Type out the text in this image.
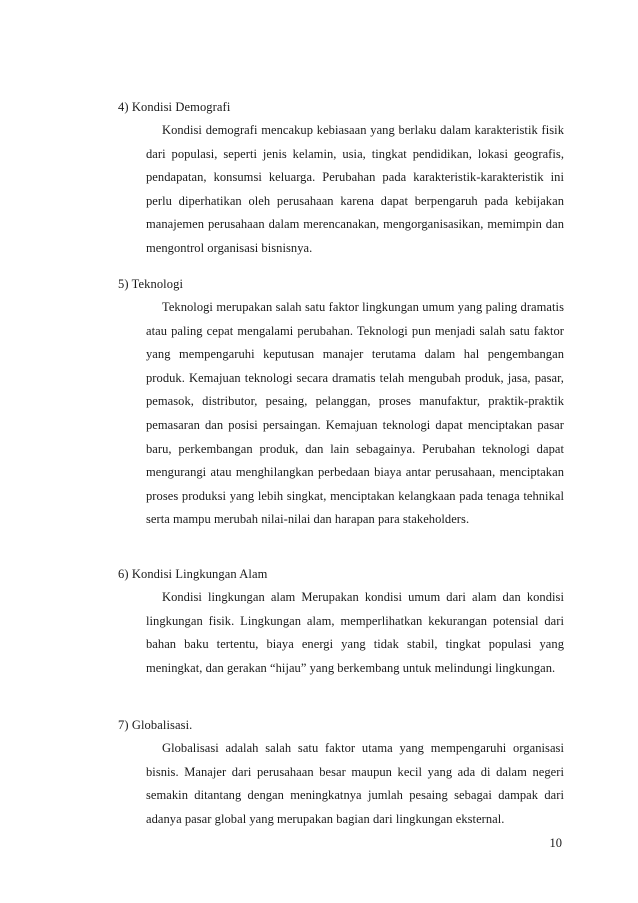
4) Kondisi Demografi

Kondisi demografi mencakup kebiasaan yang berlaku dalam karakteristik fisik dari populasi, seperti jenis kelamin, usia, tingkat pendidikan, lokasi geografis, pendapatan, konsumsi keluarga. Perubahan pada karakteristik-karakteristik ini perlu diperhatikan oleh perusahaan karena dapat berpengaruh pada kebijakan manajemen perusahaan dalam merencanakan, mengorganisasikan, memimpin dan mengontrol organisasi bisnisnya.

5) Teknologi

Teknologi merupakan salah satu faktor lingkungan umum yang paling dramatis atau paling cepat mengalami perubahan. Teknologi pun menjadi salah satu faktor yang mempengaruhi keputusan manajer terutama dalam hal pengembangan produk. Kemajuan teknologi secara dramatis telah mengubah produk, jasa, pasar, pemasok, distributor, pesaing, pelanggan, proses manufaktur, praktik-praktik pemasaran dan posisi persaingan. Kemajuan teknologi dapat menciptakan pasar baru, perkembangan produk, dan lain sebagainya. Perubahan teknologi dapat mengurangi atau menghilangkan perbedaan biaya antar perusahaan, menciptakan proses produksi yang lebih singkat, menciptakan kelangkaan pada tenaga tehnikal serta mampu merubah nilai-nilai dan harapan para stakeholders.

6) Kondisi Lingkungan Alam

Kondisi lingkungan alam Merupakan kondisi umum dari alam dan kondisi lingkungan fisik. Lingkungan alam, memperlihatkan kekurangan potensial dari bahan baku tertentu, biaya energi yang tidak stabil, tingkat populasi yang meningkat, dan gerakan “hijau” yang berkembang untuk melindungi lingkungan.

7) Globalisasi.

Globalisasi adalah salah satu faktor utama yang mempengaruhi organisasi bisnis. Manajer dari perusahaan besar maupun kecil yang ada di dalam negeri semakin ditantang dengan meningkatnya jumlah pesaing sebagai dampak dari adanya pasar global yang merupakan bagian dari lingkungan eksternal.

10
